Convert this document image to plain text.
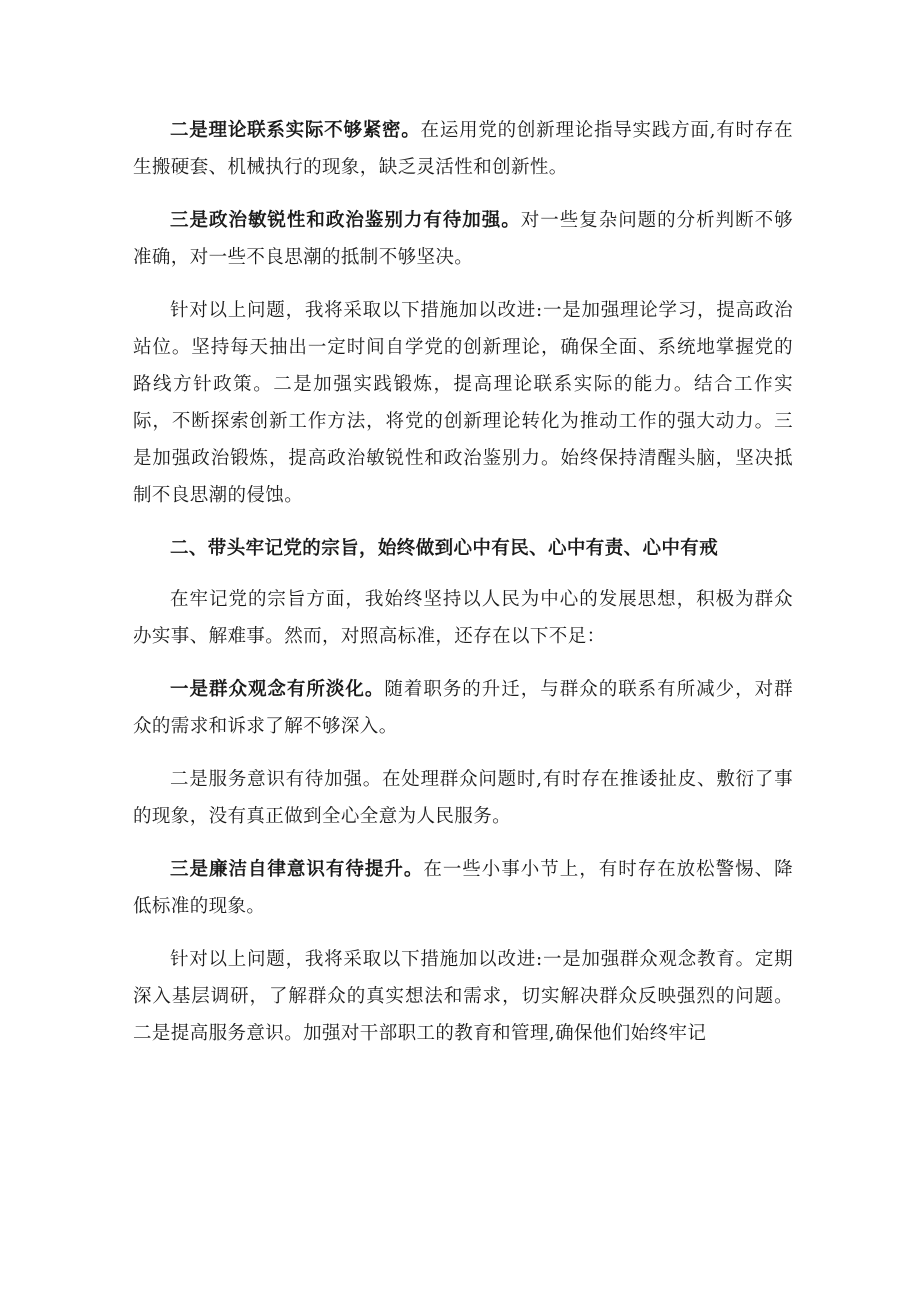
二是理论联系实际不够紧密。在运用党的创新理论指导实践方面,有时存在生搬硬套、机械执行的现象，缺乏灵活性和创新性。

三是政治敏锐性和政治鉴别力有待加强。对一些复杂问题的分析判断不够准确，对一些不良思潮的抵制不够坚决。

针对以上问题，我将采取以下措施加以改进:一是加强理论学习，提高政治站位。坚持每天抽出一定时间自学党的创新理论，确保全面、系统地掌握党的路线方针政策。二是加强实践锻炼，提高理论联系实际的能力。结合工作实际，不断探索创新工作方法，将党的创新理论转化为推动工作的强大动力。三是加强政治锻炼，提高政治敏锐性和政治鉴别力。始终保持清醒头脑，坚决抵制不良思潮的侵蚀。

二、带头牢记党的宗旨，始终做到心中有民、心中有责、心中有戒

在牢记党的宗旨方面，我始终坚持以人民为中心的发展思想，积极为群众办实事、解难事。然而，对照高标准，还存在以下不足：

一是群众观念有所淡化。随着职务的升迁，与群众的联系有所减少，对群众的需求和诉求了解不够深入。

二是服务意识有待加强。在处理群众问题时,有时存在推诿扯皮、敷衍了事的现象，没有真正做到全心全意为人民服务。

三是廉洁自律意识有待提升。在一些小事小节上，有时存在放松警惕、降低标准的现象。

针对以上问题，我将采取以下措施加以改进:一是加强群众观念教育。定期深入基层调研，了解群众的真实想法和需求，切实解决群众反映强烈的问题。二是提高服务意识。加强对干部职工的教育和管理,确保他们始终牢记
